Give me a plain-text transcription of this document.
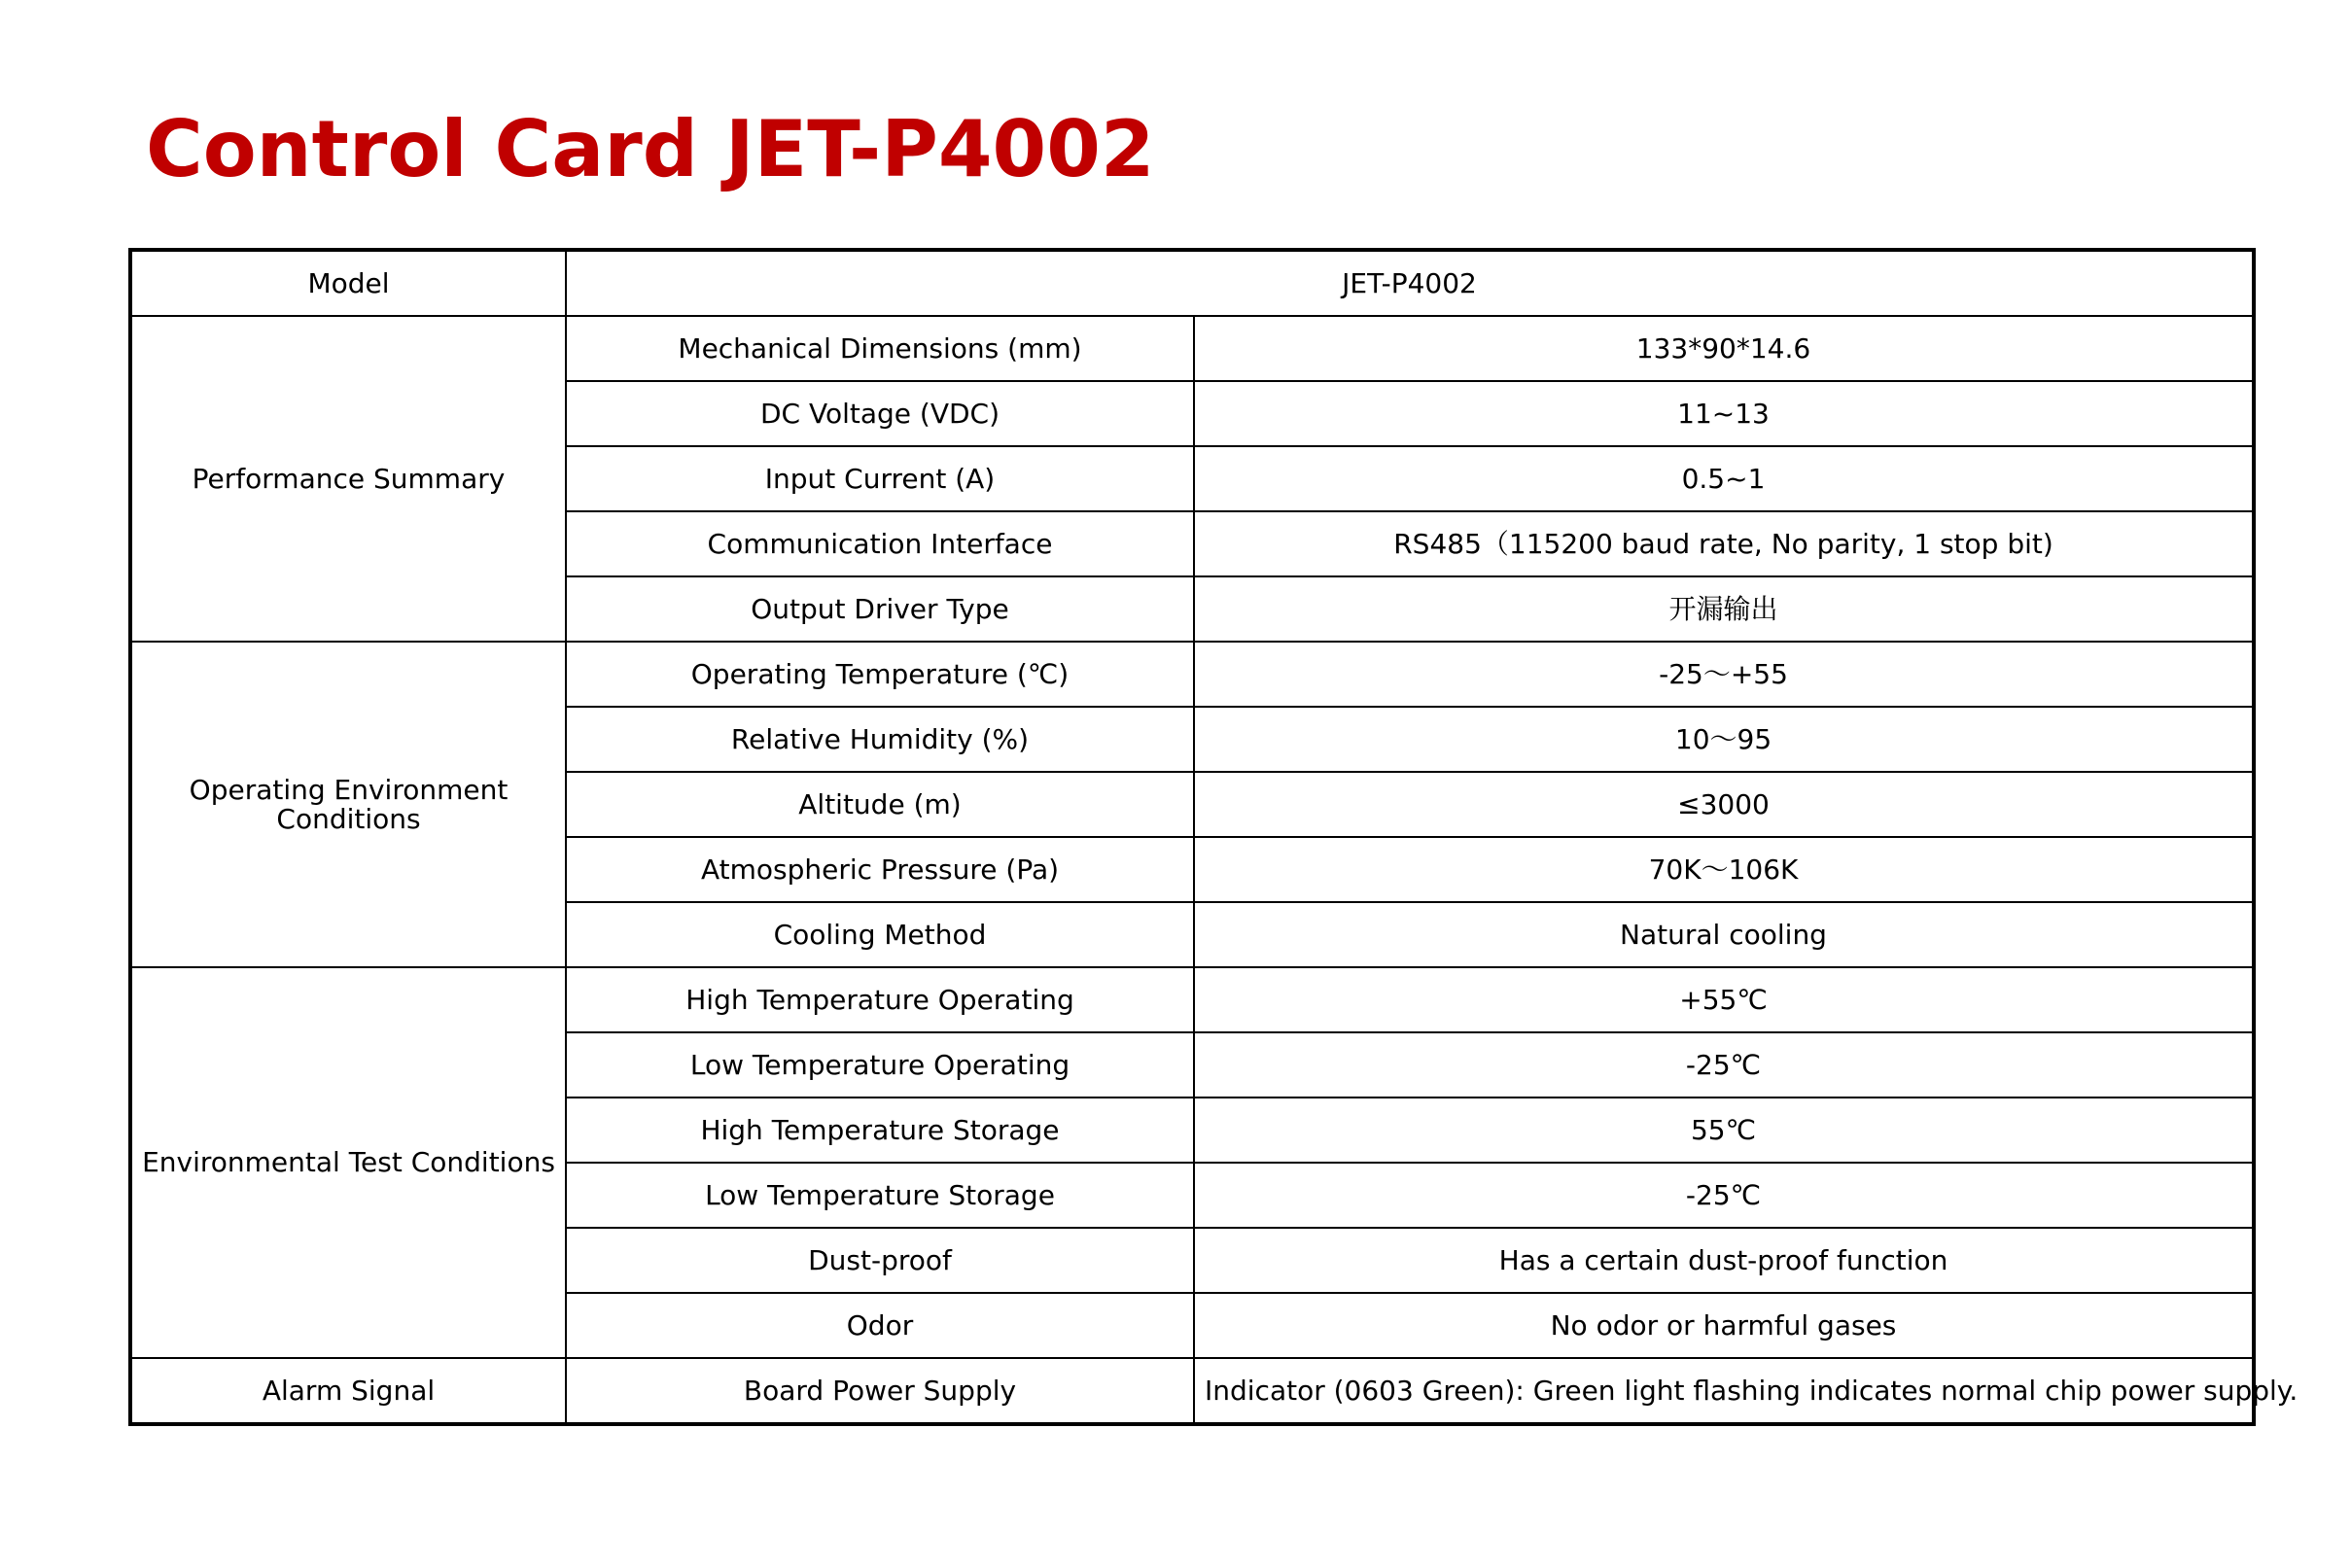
Control Card JET-P4002
Model	JET-P4002	
Performance Summary	Mechanical Dimensions (mm)	133*90*14.6
	DC Voltage (VDC)	11~13
	Input Current (A)	0.5~1
	Communication Interface	RS485（115200 baud rate, No parity, 1 stop bit)
	Output Driver Type	开漏输出
Operating Environment Conditions	Operating Temperature (℃)	-25～+55
	Relative Humidity (%)	10～95
	Altitude (m)	≤3000
	Atmospheric Pressure (Pa)	70K～106K
	Cooling Method	Natural cooling
Environmental Test Conditions	High Temperature Operating	+55℃
	Low Temperature Operating	-25℃
	High Temperature Storage	55℃
	Low Temperature Storage	-25℃
	Dust-proof	Has a certain dust-proof function
	Odor	No odor or harmful gases
Alarm Signal	Board Power Supply	Indicator (0603 Green): Green light flashing indicates normal chip power supply.
